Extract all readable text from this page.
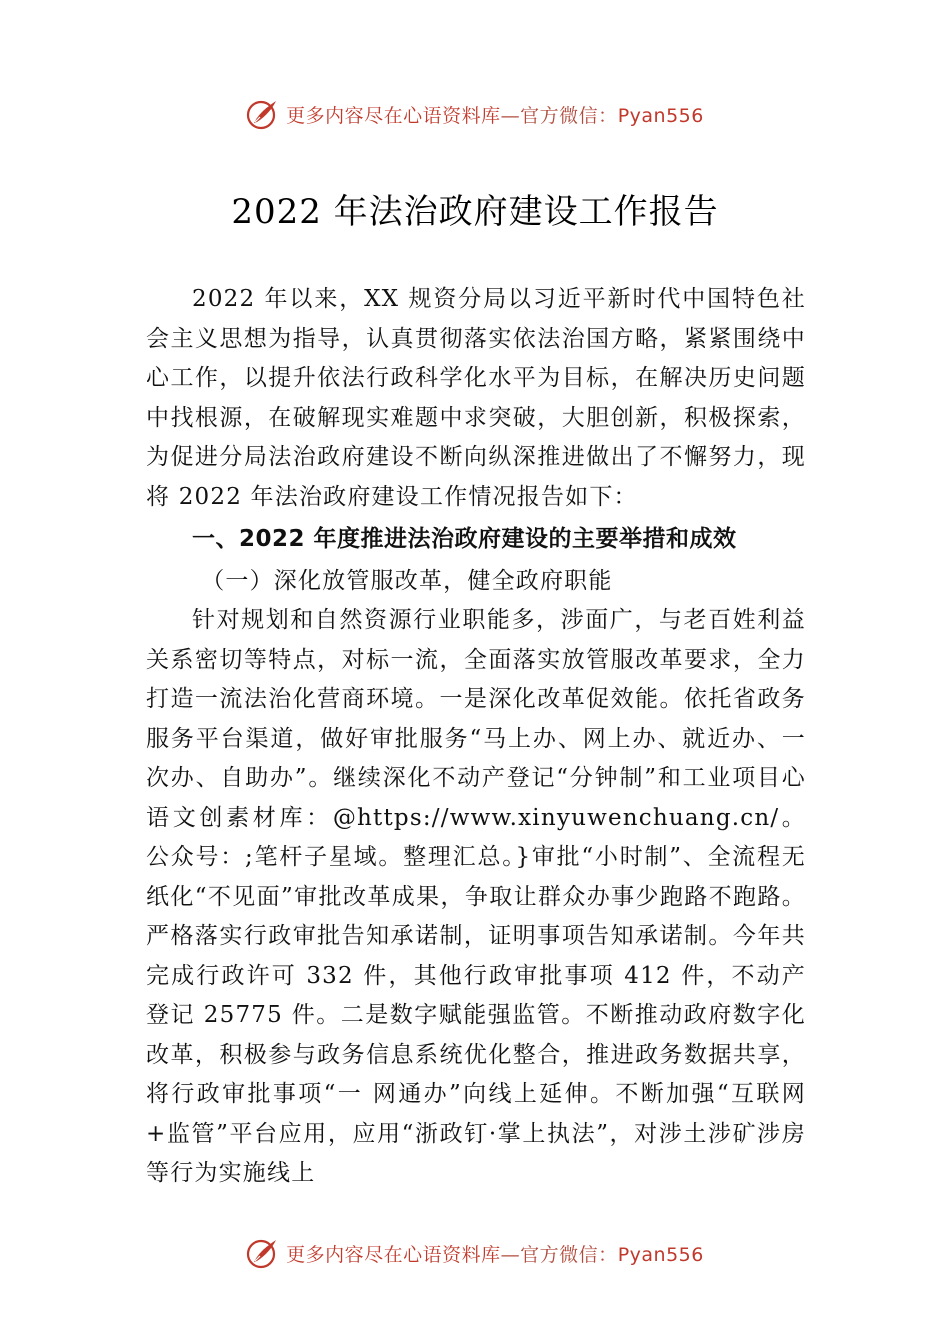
更多内容尽在心语资料库—官方微信：Pyan556
2022 年法治政府建设工作报告

2022 年以来，XX 规资分局以习近平新时代中国特色社会主义思想为指导，认真贯彻落实依法治国方略，紧紧围绕中心工作，以提升依法行政科学化水平为目标，在解决历史问题中找根源，在破解现实难题中求突破，大胆创新，积极探索，为促进分局法治政府建设不断向纵深推进做出了不懈努力，现将 2022 年法治政府建设工作情况报告如下：

一、2022 年度推进法治政府建设的主要举措和成效

（一）深化放管服改革，健全政府职能

针对规划和自然资源行业职能多，涉面广，与老百姓利益关系密切等特点，对标一流，全面落实放管服改革要求，全力打造一流法治化营商环境。一是深化改革促效能。依托省政务服务平台渠道，做好审批服务“马上办、网上办、就近办、一次办、自助办”。继续深化不动产登记“分钟制”和工业项目心语文创素材库：@https://www.xinyuwenchuang.cn/。公众号：;笔杆子星域。整理汇总。}审批“小时制”、全流程无纸化“不见面”审批改革成果，争取让群众办事少跑路不跑路。严格落实行政审批告知承诺制，证明事项告知承诺制。今年共完成行政许可 332 件，其他行政审批事项 412 件，不动产登记 25775 件。二是数字赋能强监管。不断推动政府数字化改革，积极参与政务信息系统优化整合，推进政务数据共享，将行政审批事项“一 网通办”向线上延伸。不断加强“互联网+监管”平台应用，应用“浙政钉·掌上执法”，对涉土涉矿涉房等行为实施线上

更多内容尽在心语资料库—官方微信：Pyan556
